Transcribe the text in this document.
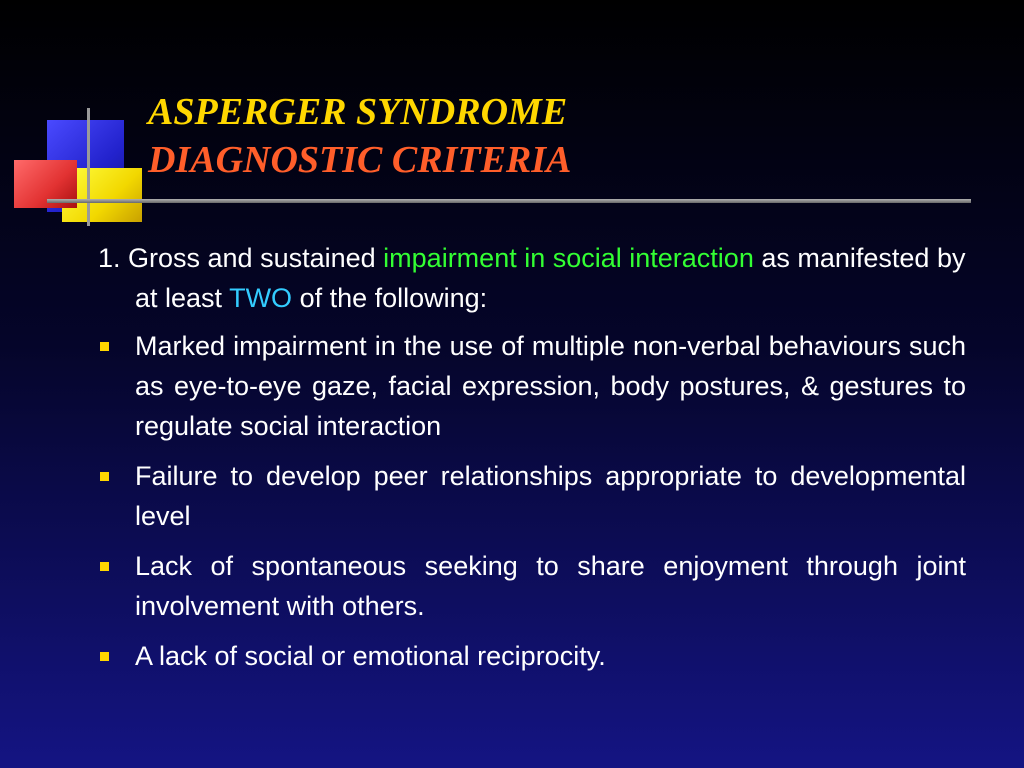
ASPERGER SYNDROME
DIAGNOSTIC CRITERIA

1. Gross and sustained impairment in social interaction as manifested by at least TWO of the following:

Marked impairment in the use of multiple non-verbal behaviours such as eye-to-eye gaze, facial expression, body postures, & gestures to regulate social interaction
Failure to develop peer relationships appropriate to developmental level
Lack of spontaneous seeking to share enjoyment through joint involvement with others.
A lack of social or emotional reciprocity.
